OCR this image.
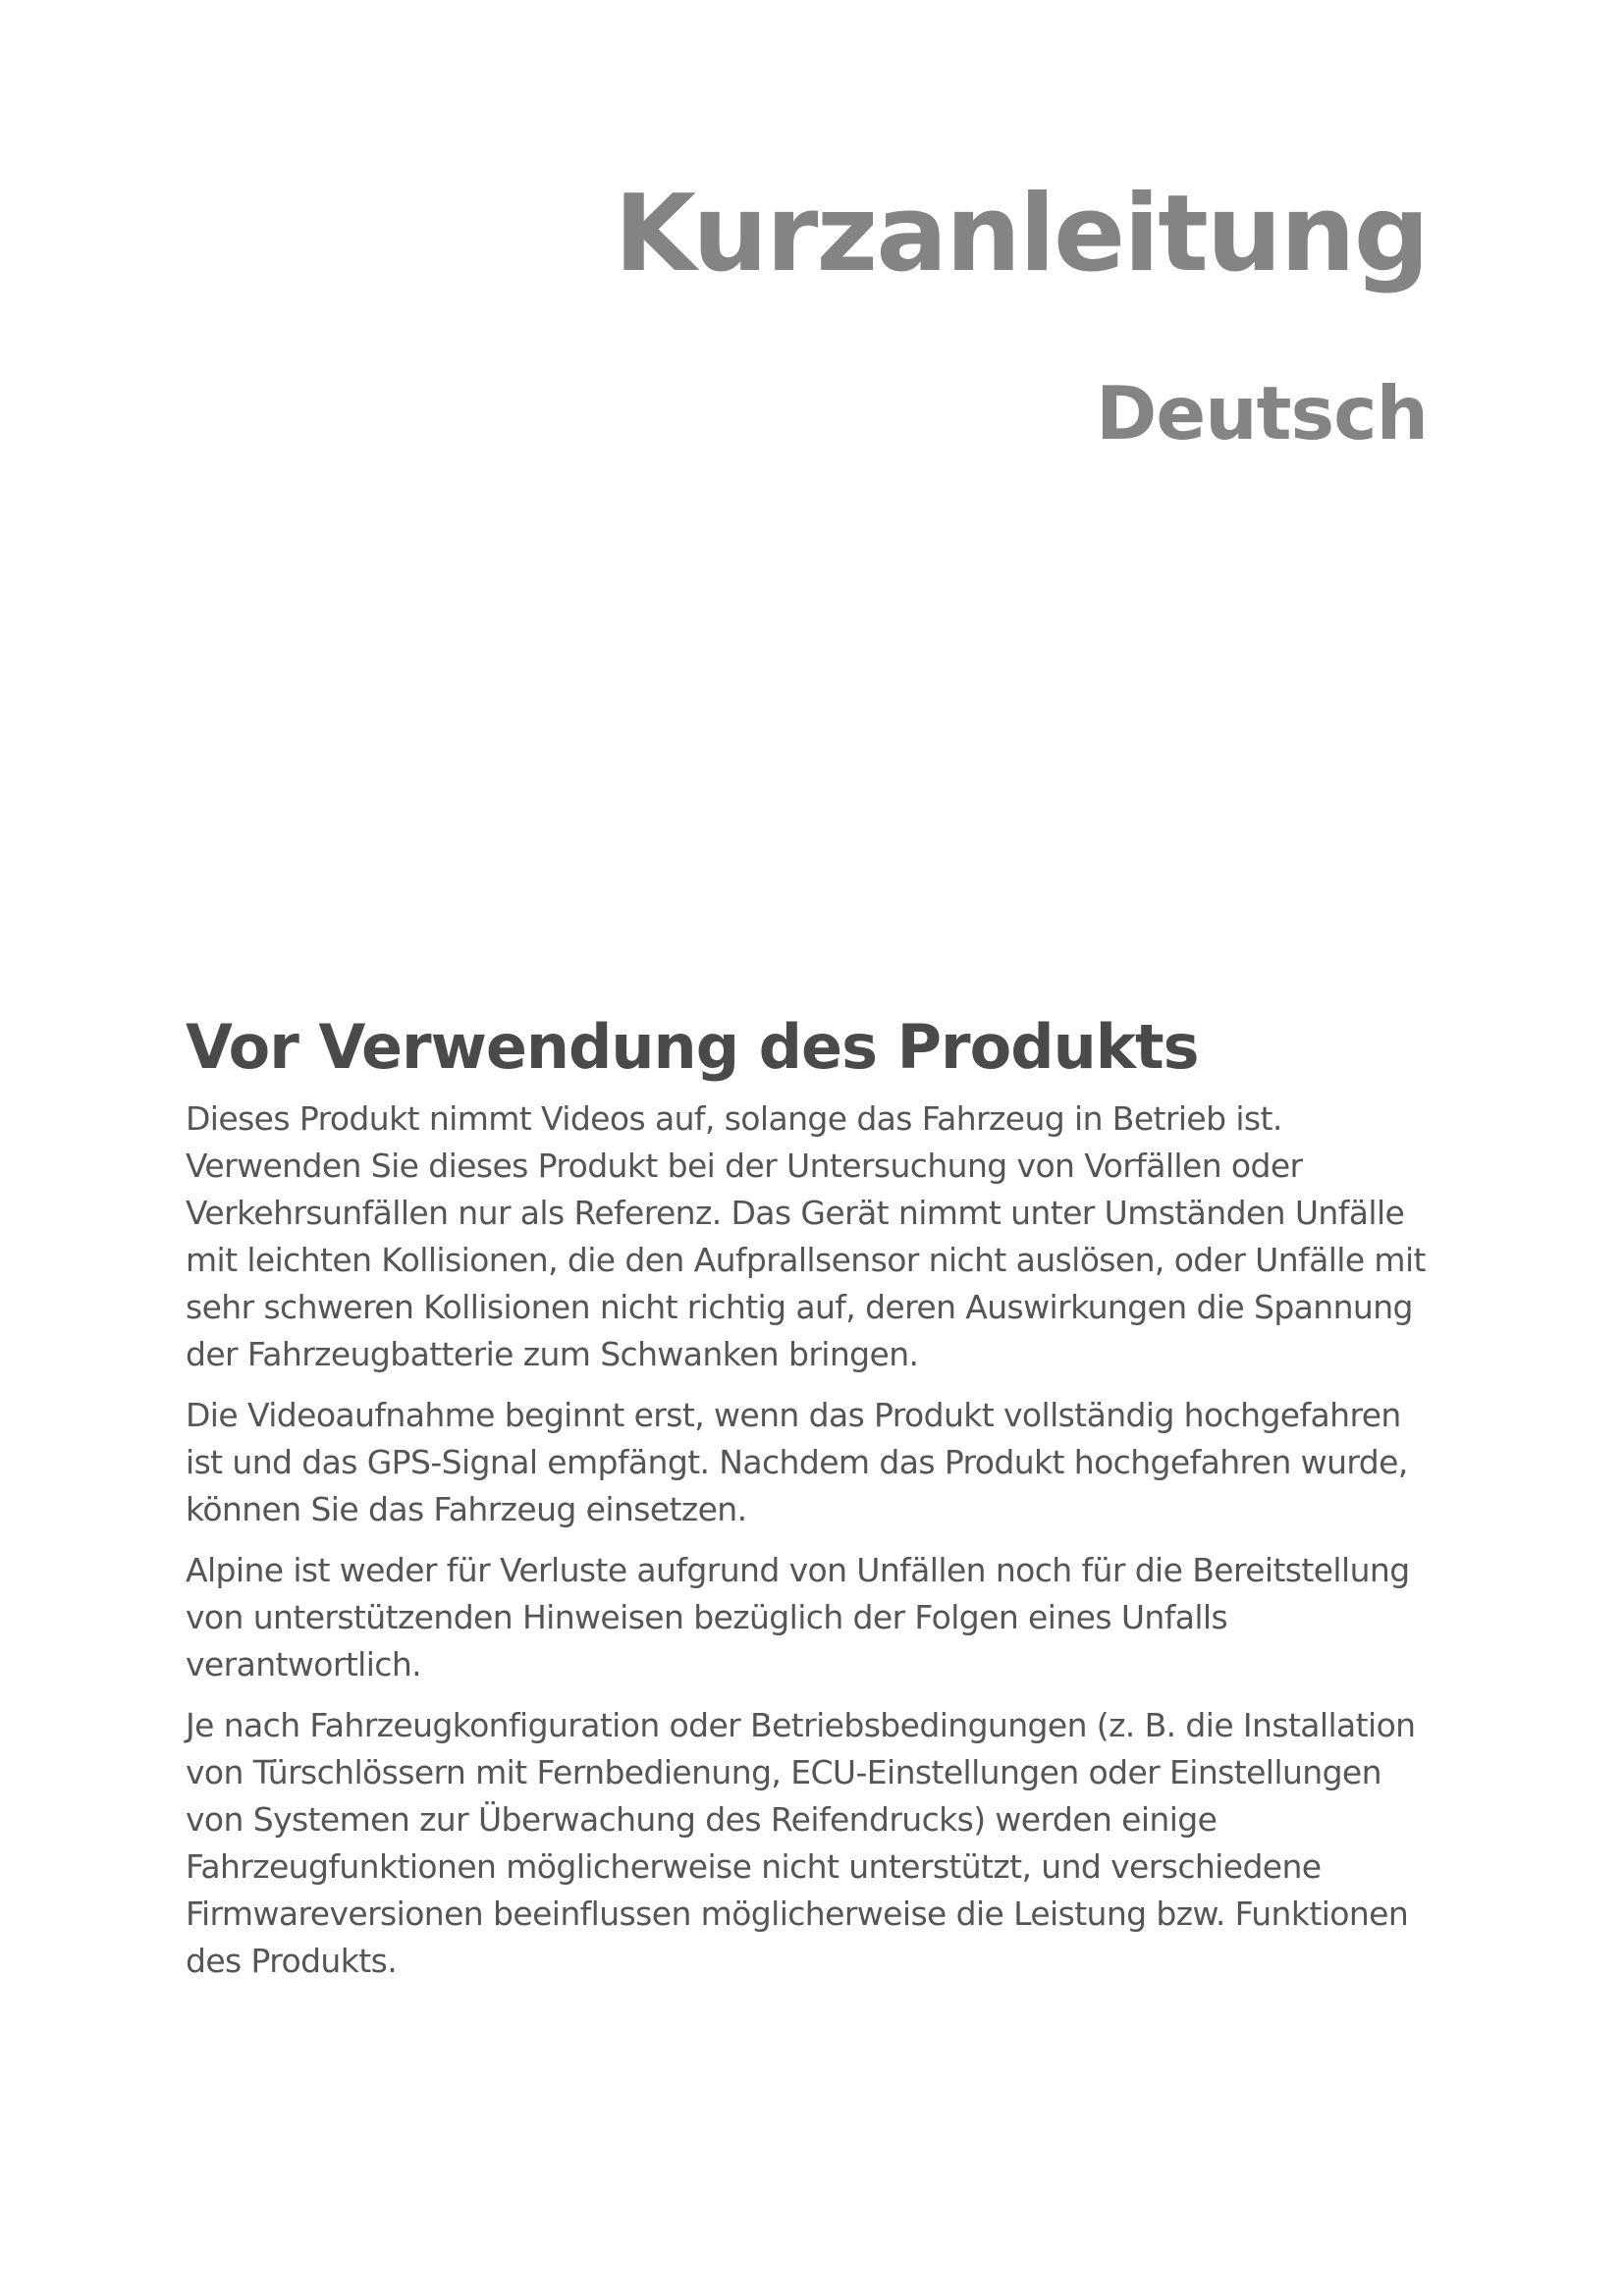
Kurzanleitung
Deutsch
Vor Verwendung des Produkts

Dieses Produkt nimmt Videos auf, solange das Fahrzeug in Betrieb ist. Verwenden Sie dieses Produkt bei der Untersuchung von Vorfällen oder Verkehrsunfällen nur als Referenz. Das Gerät nimmt unter Umständen Unfälle mit leichten Kollisionen, die den Aufprallsensor nicht auslösen, oder Unfälle mit sehr schweren Kollisionen nicht richtig auf, deren Auswirkungen die Spannung der Fahrzeugbatterie zum Schwanken bringen.

Die Videoaufnahme beginnt erst, wenn das Produkt vollständig hochgefahren ist und das GPS-Signal empfängt. Nachdem das Produkt hochgefahren wurde, können Sie das Fahrzeug einsetzen.

Alpine ist weder für Verluste aufgrund von Unfällen noch für die Bereitstellung von unterstützenden Hinweisen bezüglich der Folgen eines Unfalls verantwortlich.

Je nach Fahrzeugkonfiguration oder Betriebsbedingungen (z. B. die Installation von Türschlössern mit Fernbedienung, ECU-Einstellungen oder Einstellungen von Systemen zur Überwachung des Reifendrucks) werden einige Fahrzeugfunktionen möglicherweise nicht unterstützt, und verschiedene Firmwareversionen beeinflussen möglicherweise die Leistung bzw. Funktionen des Produkts.
